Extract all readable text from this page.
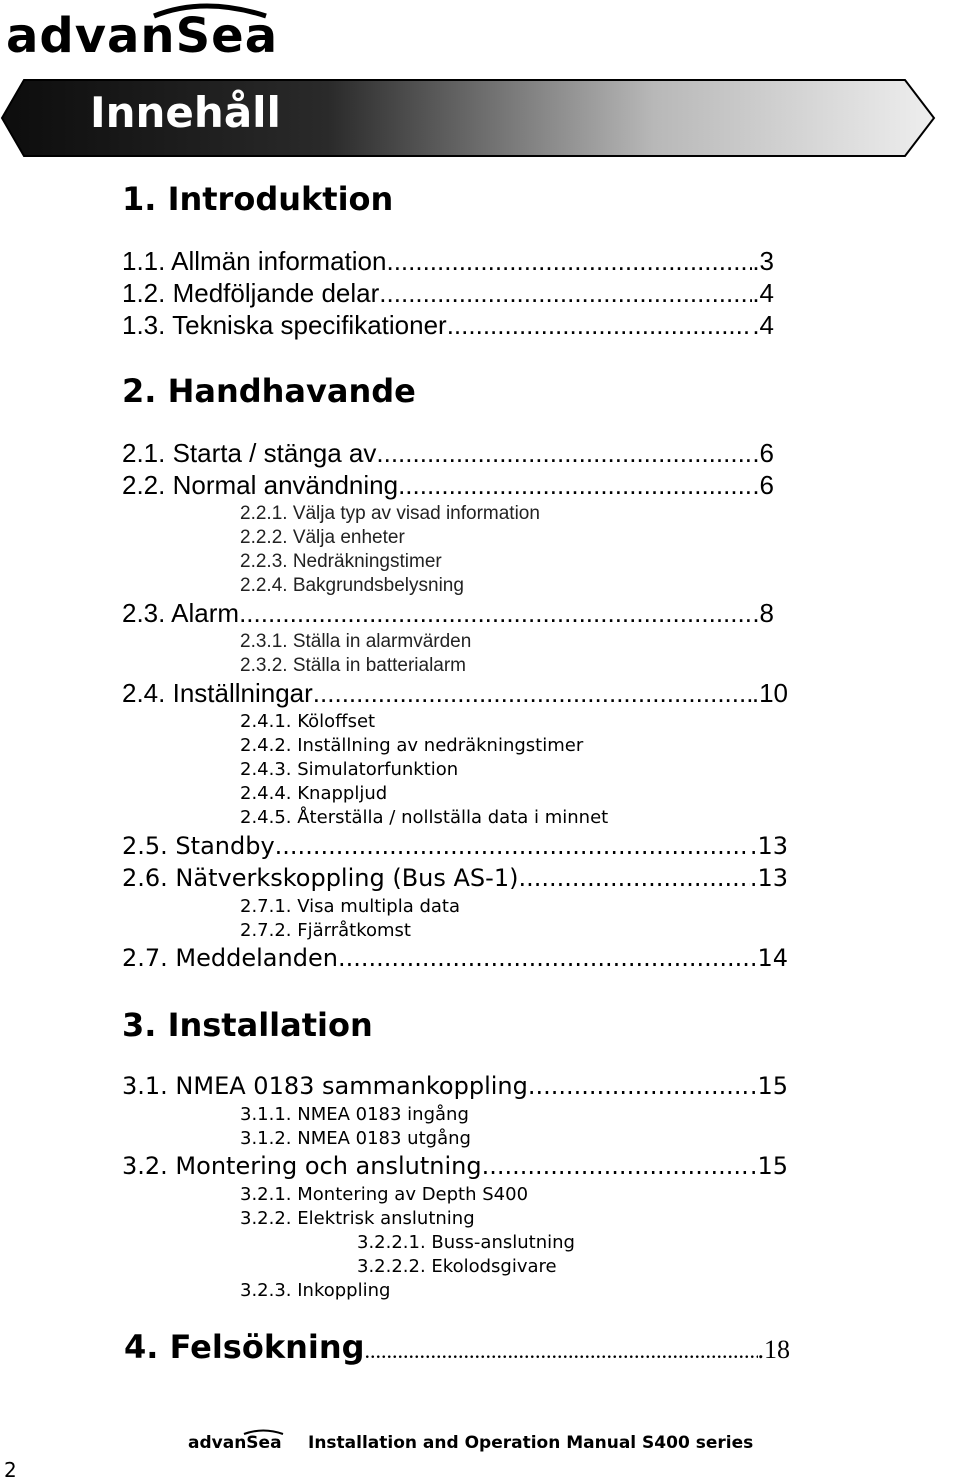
advanSea
Innehåll
1. Introduktion
1.1. Allmän information .....	.3
1.2. Medföljande delar .....	.4
1.3. Tekniska specifikationer .....	.4
2. Handhavande
2.1. Starta / stänga av .....	.6
2.2. Normal användning .....	.6
2.2.1. Välja typ av visad information
2.2.2. Välja enheter
2.2.3. Nedräkningstimer
2.2.4. Bakgrundsbelysning
2.3. Alarm .....	.8
2.3.1. Ställa in alarmvärden
2.3.2. Ställa in batterialarm
2.4. Inställningar .....	.10
2.4.1. Köloffset
2.4.2. Inställning av nedräkningstimer
2.4.3. Simulatorfunktion
2.4.4. Knappljud
2.4.5. Återställa / nollställa data i minnet
2.5. Standby .....	.13
2.6. Nätverkskoppling (Bus AS-1) .....	.13
2.7.1. Visa multipla data
2.7.2. Fjärråtkomst
2.7. Meddelanden .....	.14
3. Installation
3.1. NMEA 0183 sammankoppling .....	.15
3.1.1. NMEA 0183 ingång
3.1.2. NMEA 0183 utgång
3.2. Montering och anslutning .....	.15
3.2.1. Montering av Depth S400
3.2.2. Elektrisk anslutning
3.2.2.1. Buss-anslutning
3.2.2.2. Ekolodsgivare
3.2.3. Inkoppling
4. Felsökning .....	.18
advanSea Installation and Operation Manual S400 series
2
